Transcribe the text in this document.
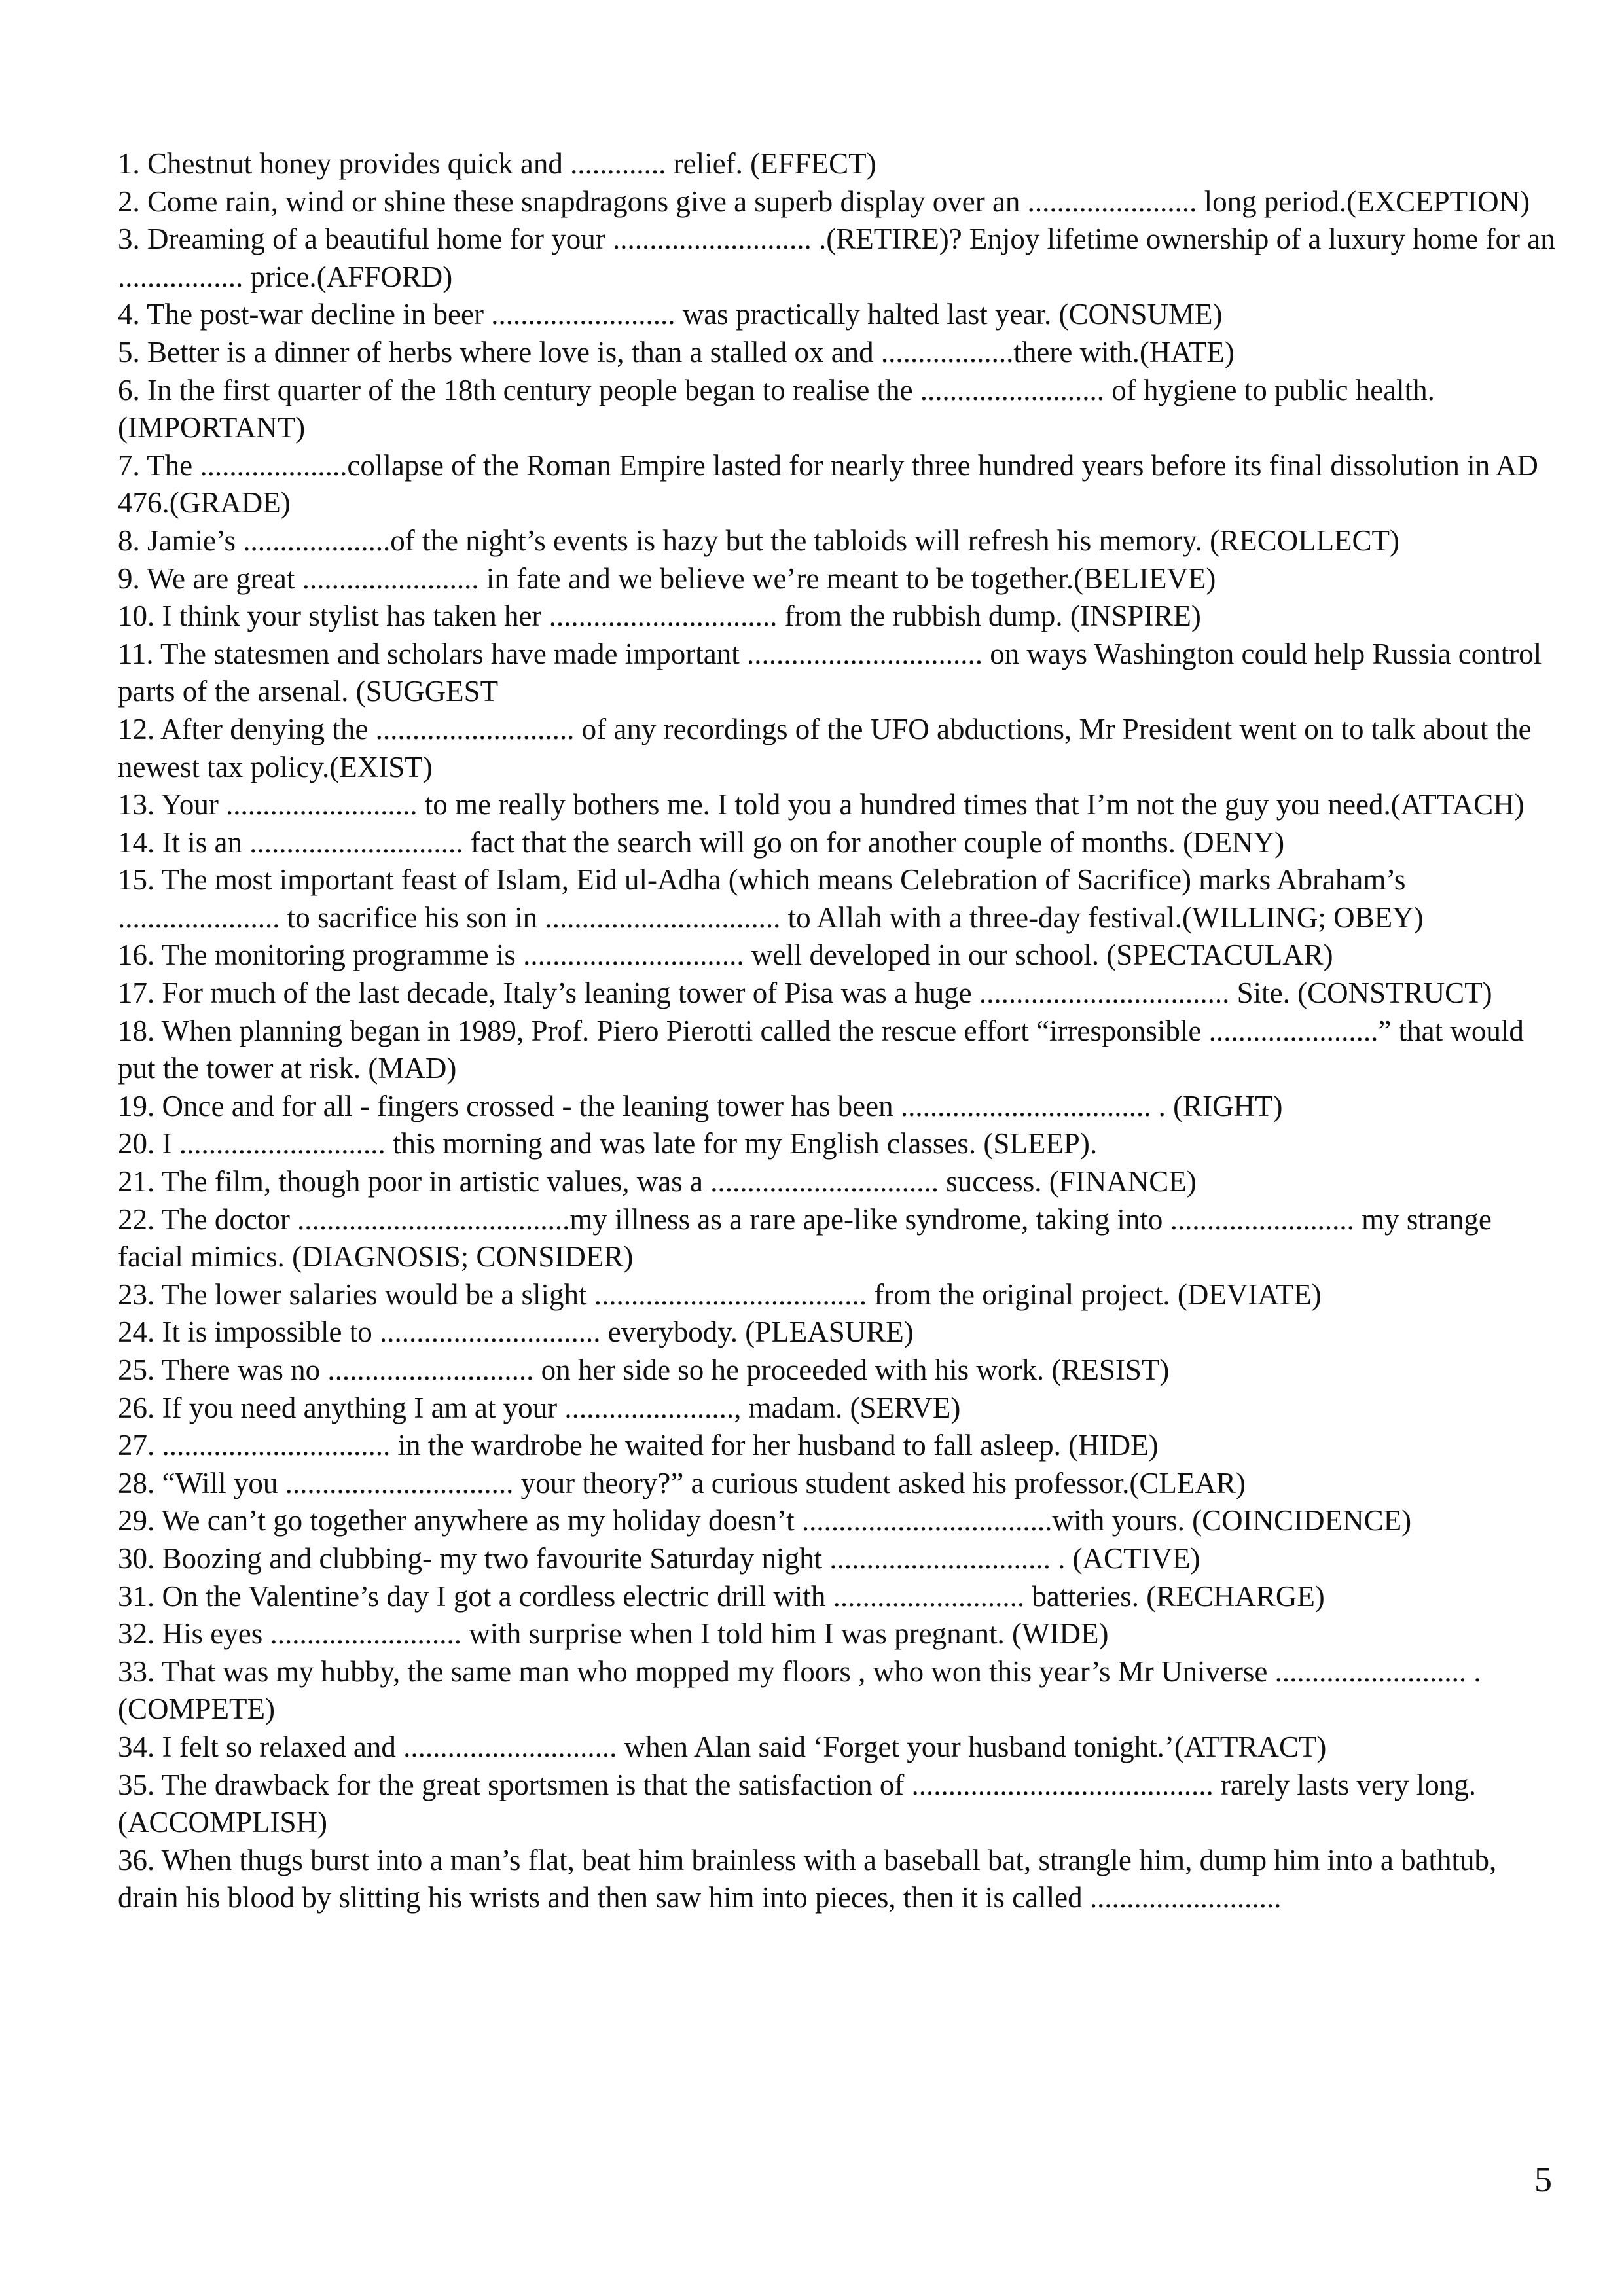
1. Chestnut honey provides quick and ............. relief. (EFFECT)

2. Come rain, wind or shine these snapdragons give a superb display over an ....................... long period.(EXCEPTION)

3. Dreaming of a beautiful home for your ........................... .(RETIRE)? Enjoy lifetime ownership of a luxury home for an ................. price.(AFFORD)

4. The post-war decline in beer ......................... was practically halted last year. (CONSUME)

5. Better is a dinner of herbs where love is, than a stalled ox and ..................there with.(HATE)

6. In the first quarter of the 18th century people began to realise the ......................... of hygiene to public health.(IMPORTANT)

7. The ....................collapse of the Roman Empire lasted for nearly three hundred years before its final dissolution in AD 476.(GRADE)

8. Jamie’s ....................of the night’s events is hazy but the tabloids will refresh his memory. (RECOLLECT)

9. We are great ........................ in fate and we believe we’re meant to be together.(BELIEVE)

10. I think your stylist has taken her ............................... from the rubbish dump. (INSPIRE)

11. The statesmen and scholars have made important ................................ on ways Washington could help Russia control parts of the arsenal. (SUGGEST

12. After denying the ........................... of any recordings of the UFO abductions, Mr President went on to talk about the newest tax policy.(EXIST)

13. Your .......................... to me really bothers me. I told you a hundred times that I’m not the guy you need.(ATTACH)

14. It is an ............................. fact that the search will go on for another couple of months. (DENY)

15. The most important feast of Islam, Eid ul-Adha (which means Celebration of Sacrifice) marks Abraham’s ...................... to sacrifice his son in ................................ to Allah with a three-day festival.(WILLING; OBEY)

16. The monitoring programme is .............................. well developed in our school. (SPECTACULAR)

17. For much of the last decade, Italy’s leaning tower of Pisa was a huge .................................. Site. (CONSTRUCT)

18. When planning began in 1989, Prof. Piero Pierotti called the rescue effort “irresponsible .......................” that would put the tower at risk. (MAD)

19. Once and for all - fingers crossed - the leaning tower has been .................................. . (RIGHT)

20. I ............................ this morning and was late for my English classes. (SLEEP).

21. The film, though poor in artistic values, was a ............................... success. (FINANCE)

22. The doctor .....................................my illness as a rare ape-like syndrome, taking into ......................... my strange facial mimics. (DIAGNOSIS; CONSIDER)

23. The lower salaries would be a slight ..................................... from the original project. (DEVIATE)

24. It is impossible to .............................. everybody. (PLEASURE)

25. There was no ............................ on her side so he proceeded with his work. (RESIST)

26. If you need anything I am at your ......................., madam. (SERVE)

27. ............................... in the wardrobe he waited for her husband to fall asleep. (HIDE)

28. “Will you ............................... your theory?” a curious student asked his professor.(CLEAR)

29. We can’t go together anywhere as my holiday doesn’t ..................................with yours. (COINCIDENCE)

30. Boozing and clubbing- my two favourite Saturday night .............................. . (ACTIVE)

31. On the Valentine’s day I got a cordless electric drill with .......................... batteries. (RECHARGE)

32. His eyes .......................... with surprise when I told him I was pregnant. (WIDE)

33. That was my hubby, the same man who mopped my floors , who won this year’s Mr Universe .......................... . (COMPETE)

34. I felt so relaxed and ............................. when Alan said ‘Forget your husband tonight.’(ATTRACT)

35. The drawback for the great sportsmen is that the satisfaction of ......................................... rarely lasts very long. (ACCOMPLISH)

36. When thugs burst into a man’s flat, beat him brainless with a baseball bat, strangle him, dump him into a bathtub, drain his blood by slitting his wrists and then saw him into pieces, then it is called ..........................

5
